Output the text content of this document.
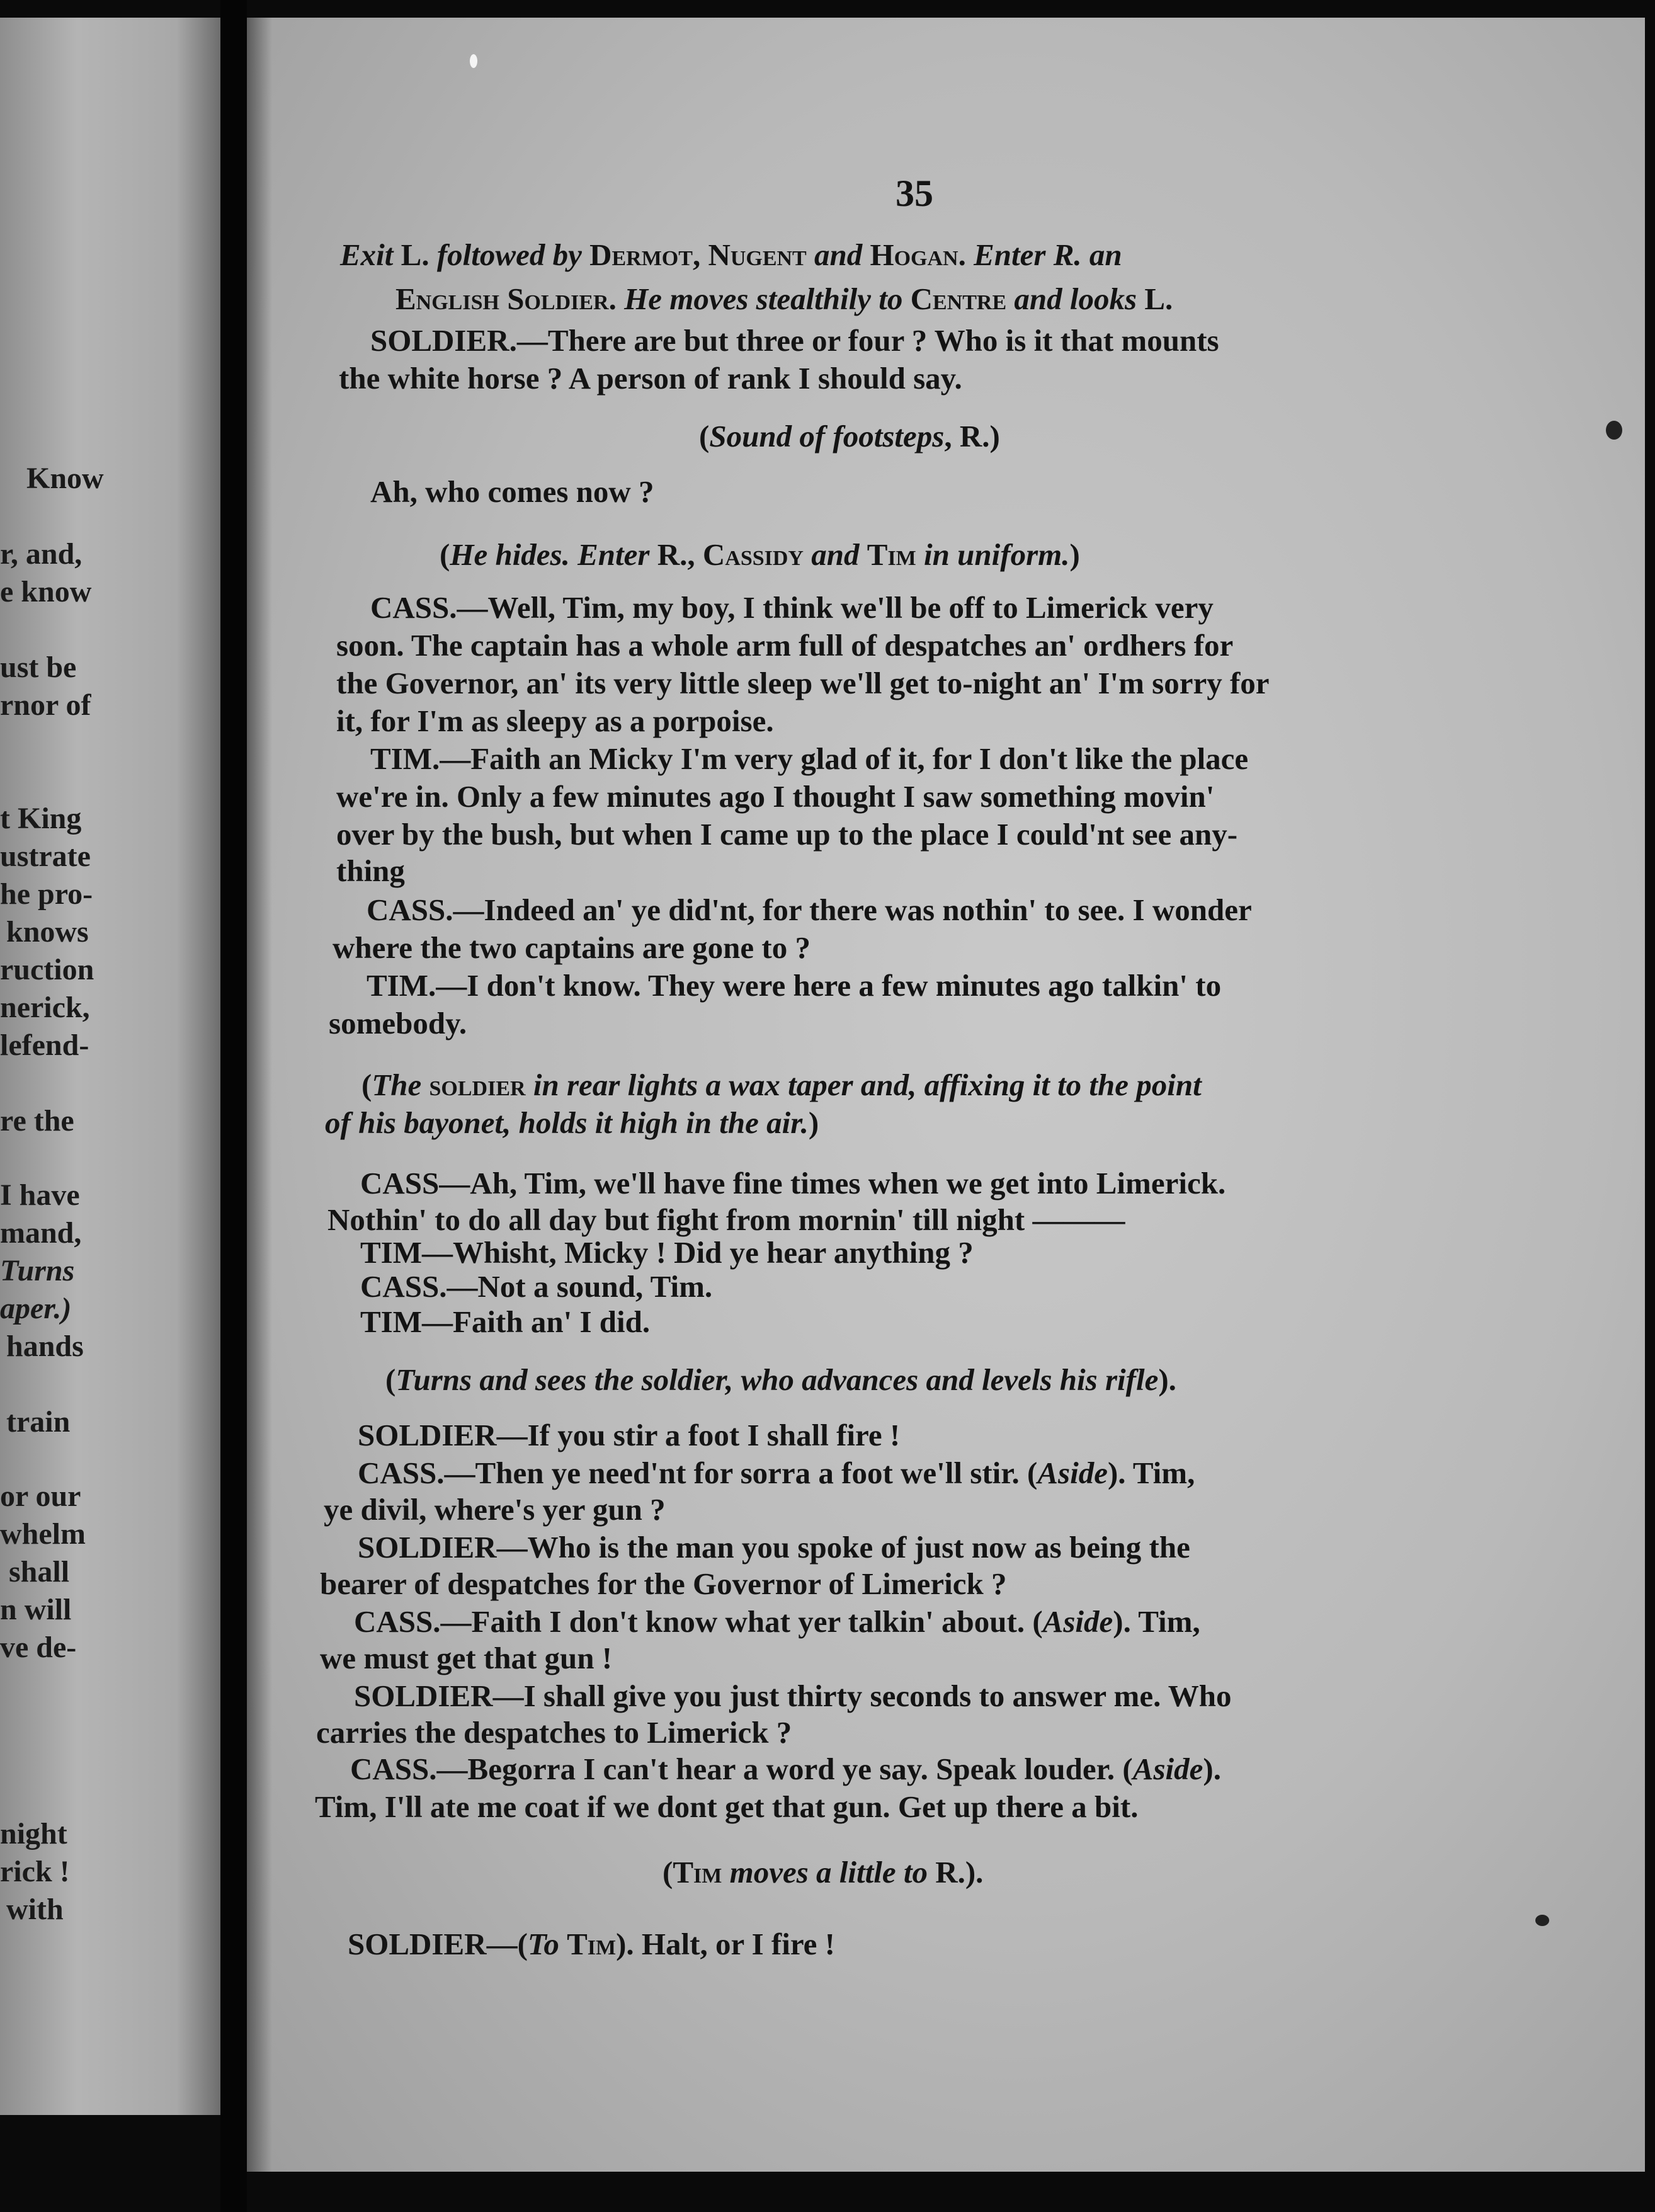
Know
r, and,
e know
ust be
rnor of
t King
ustrate
he pro-
knows
ruction
nerick,
lefend-
re the
I have
mand,
Turns
aper.)
hands
train
or our
whelm
shall
n will
ve de-
night
rick !
with
35
Exit L. foltowed by Dermot, Nugent and Hogan. Enter R. an
English Soldier. He moves stealthily to Centre and looks L.
SOLDIER.—There are but three or four ? Who is it that mounts
the white horse ? A person of rank I should say.
(Sound of footsteps, R.)
Ah, who comes now ?
(He hides. Enter R., Cassidy and Tim in uniform.)
CASS.—Well, Tim, my boy, I think we'll be off to Limerick very
soon. The captain has a whole arm full of despatches an' ordhers for
the Governor, an' its very little sleep we'll get to-night an' I'm sorry for
it, for I'm as sleepy as a porpoise.
TIM.—Faith an Micky I'm very glad of it, for I don't like the place
we're in. Only a few minutes ago I thought I saw something movin'
over by the bush, but when I came up to the place I could'nt see any-
thing
CASS.—Indeed an' ye did'nt, for there was nothin' to see. I wonder
where the two captains are gone to ?
TIM.—I don't know. They were here a few minutes ago talkin' to
somebody.
(The soldier in rear lights a wax taper and, affixing it to the point
of his bayonet, holds it high in the air.)
CASS—Ah, Tim, we'll have fine times when we get into Limerick.
Nothin' to do all day but fight from mornin' till night ———
TIM—Whisht, Micky ! Did ye hear anything ?
CASS.—Not a sound, Tim.
TIM—Faith an' I did.
(Turns and sees the soldier, who advances and levels his rifle).
SOLDIER—If you stir a foot I shall fire !
CASS.—Then ye need'nt for sorra a foot we'll stir. (Aside). Tim,
ye divil, where's yer gun ?
SOLDIER—Who is the man you spoke of just now as being the
bearer of despatches for the Governor of Limerick ?
CASS.—Faith I don't know what yer talkin' about. (Aside). Tim,
we must get that gun !
SOLDIER—I shall give you just thirty seconds to answer me. Who
carries the despatches to Limerick ?
CASS.—Begorra I can't hear a word ye say. Speak louder. (Aside).
Tim, I'll ate me coat if we dont get that gun. Get up there a bit.
(Tim moves a little to R.).
SOLDIER—(To Tim). Halt, or I fire !
